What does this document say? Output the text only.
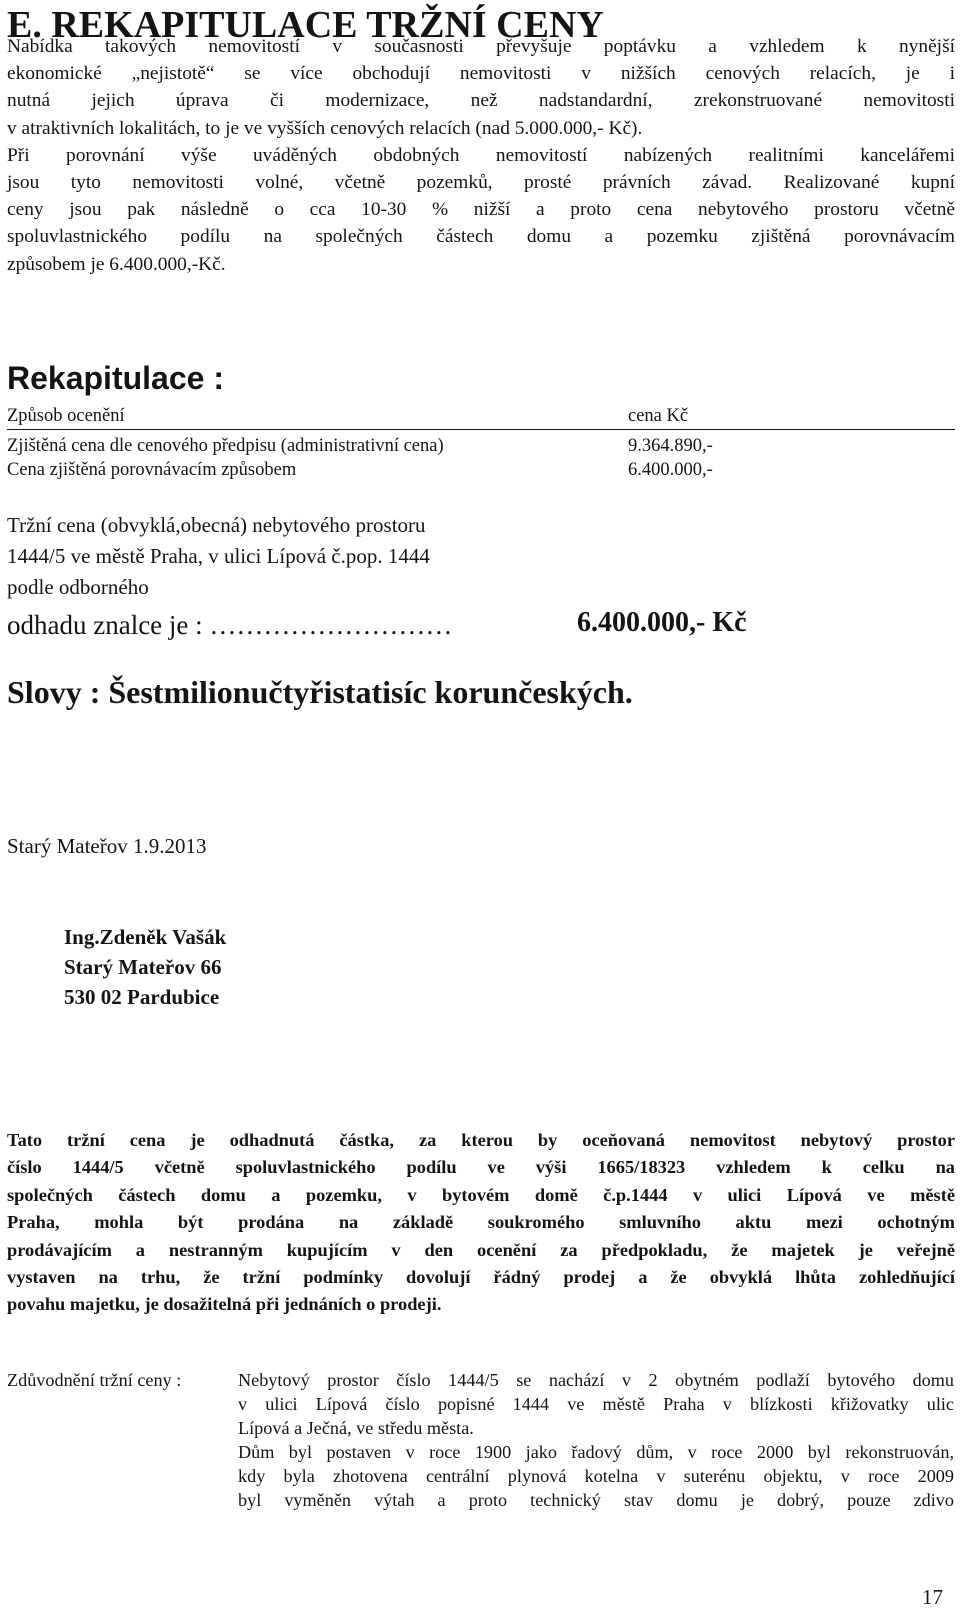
E. REKAPITULACE TRŽNÍ CENY
Nabídka takových nemovitostí v současnosti převyšuje poptávku a vzhledem k nynější
ekonomické „nejistotě“ se více obchodují nemovitosti v nižších cenových relacích, je i
nutná jejich úprava či modernizace, než nadstandardní, zrekonstruované nemovitosti
v atraktivních lokalitách, to je ve vyšších cenových relacích (nad 5.000.000,- Kč).
Při porovnání výše uváděných obdobných nemovitostí nabízených realitními kancelářemi
jsou tyto nemovitosti volné, včetně pozemků, prosté právních závad. Realizované kupní
ceny jsou pak následně o cca 10-30 % nižší a proto cena nebytového prostoru včetně
spoluvlastnického podílu na společných částech domu a pozemku zjištěná porovnávacím
způsobem je 6.400.000,-Kč.
Rekapitulace :
Způsob ocenění	cena Kč
Zjištěná cena dle cenového předpisu (administrativní cena)	9.364.890,-
Cena zjištěná porovnávacím způsobem	6.400.000,-
Tržní cena (obvyklá,obecná) nebytového prostoru
1444/5 ve městě Praha, v ulici Lípová č.pop. 1444
podle odborného
odhadu znalce je : ………………………	6.400.000,- Kč
Slovy : Šestmilionučtyřistatisíc korunčeských.
Starý Mateřov 1.9.2013
Ing.Zdeněk Vašák
Starý Mateřov 66
530 02 Pardubice
Tato tržní cena je odhadnutá částka, za kterou by oceňovaná nemovitost nebytový prostor
číslo 1444/5 včetně spoluvlastnického podílu ve výši 1665/18323 vzhledem k celku na
společných částech domu a pozemku, v bytovém domě č.p.1444 v ulici Lípová ve městě
Praha, mohla být prodána na základě soukromého smluvního aktu mezi ochotným
prodávajícím a nestranným kupujícím v den ocenění za předpokladu, že majetek je veřejně
vystaven na trhu, že tržní podmínky dovolují řádný prodej a že obvyklá lhůta zohledňující
povahu majetku, je dosažitelná při jednáních o prodeji.
Zdůvodnění tržní ceny :	Nebytový prostor číslo 1444/5 se nachází v 2 obytném podlaží bytového domu
v ulici Lípová číslo popisné 1444 ve městě Praha v blízkosti křižovatky ulic
Lípová a Ječná, ve středu města.
Dům byl postaven v roce 1900 jako řadový dům, v roce 2000 byl rekonstruován,
kdy byla zhotovena centrální plynová kotelna v suterénu objektu, v roce 2009
byl vyměněn výtah a proto technický stav domu je dobrý, pouze zdivo
17
